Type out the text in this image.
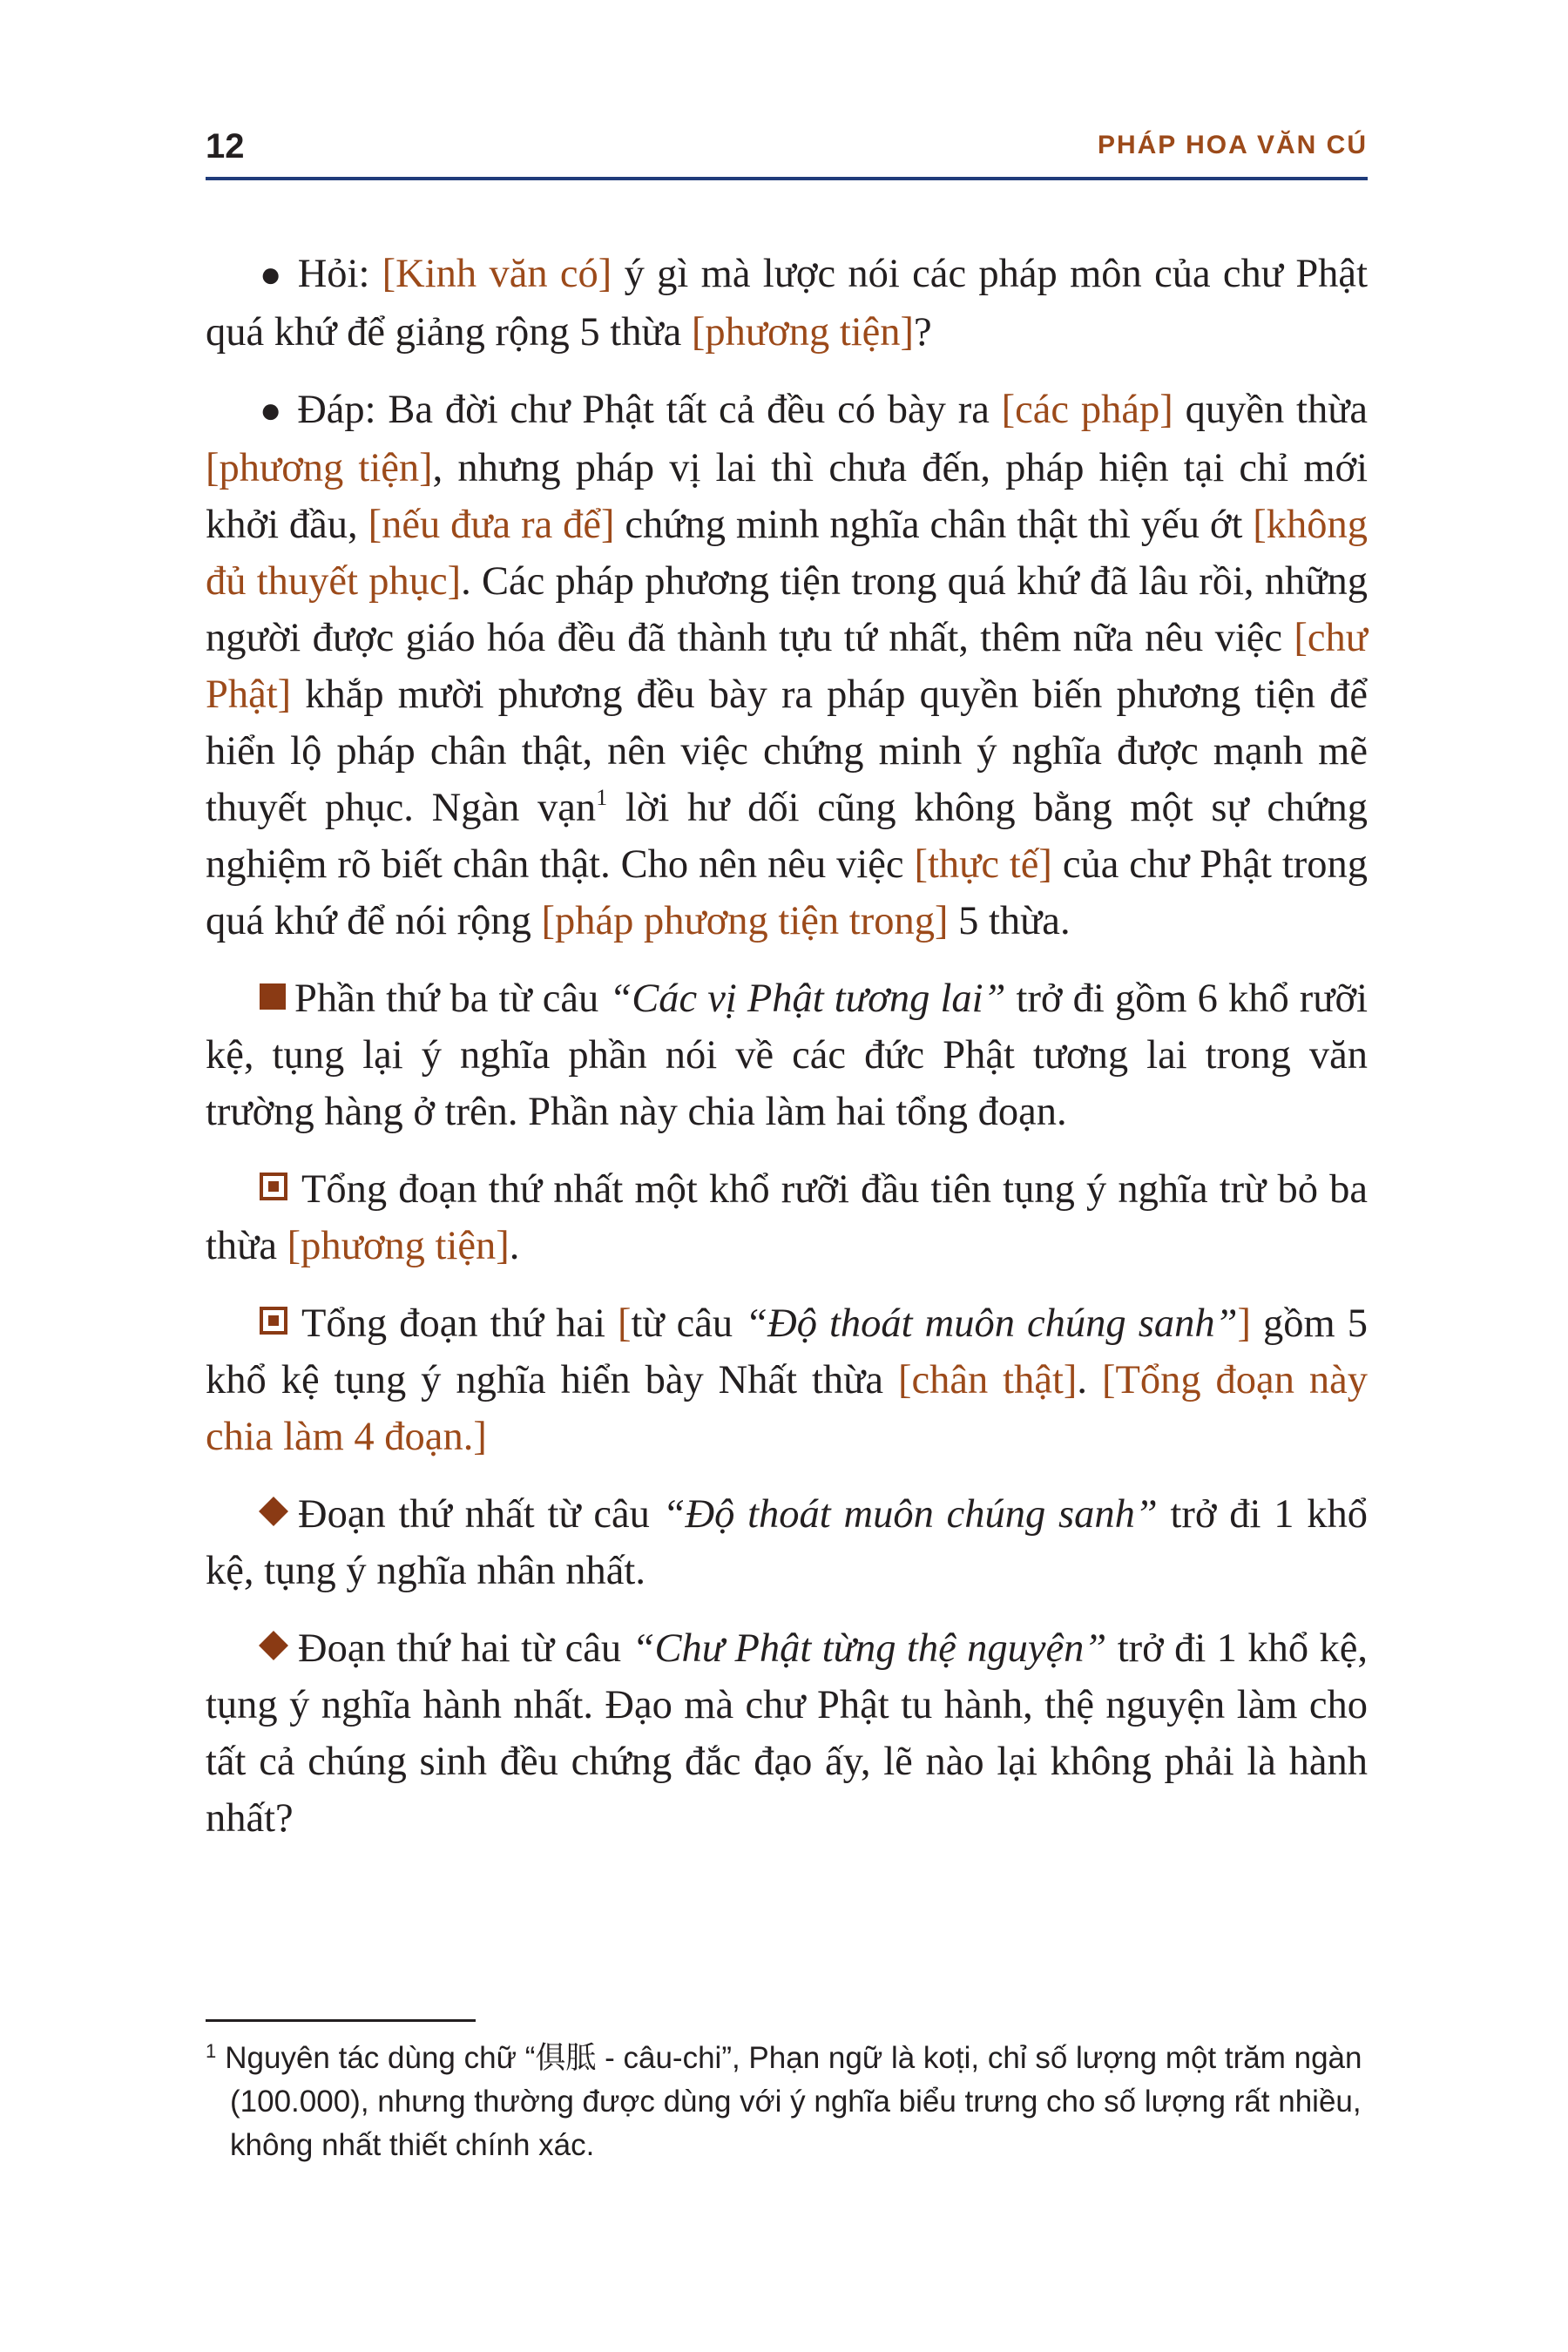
12	PHÁP HOA VĂN CÚ

● Hỏi: [Kinh văn có] ý gì mà lược nói các pháp môn của chư Phật quá khứ để giảng rộng 5 thừa [phương tiện]?

● Đáp: Ba đời chư Phật tất cả đều có bày ra [các pháp] quyền thừa [phương tiện], nhưng pháp vị lai thì chưa đến, pháp hiện tại chỉ mới khởi đầu, [nếu đưa ra để] chứng minh nghĩa chân thật thì yếu ớt [không đủ thuyết phục]. Các pháp phương tiện trong quá khứ đã lâu rồi, những người được giáo hóa đều đã thành tựu tứ nhất, thêm nữa nêu việc [chư Phật] khắp mười phương đều bày ra pháp quyền biến phương tiện để hiển lộ pháp chân thật, nên việc chứng minh ý nghĩa được mạnh mẽ thuyết phục. Ngàn vạn$^1$ lời hư dối cũng không bằng một sự chứng nghiệm rõ biết chân thật. Cho nên nêu việc [thực tế] của chư Phật trong quá khứ để nói rộng [pháp phương tiện trong] 5 thừa.

Phần thứ ba từ câu “Các vị Phật tương lai” trở đi gồm 6 khổ rưỡi kệ, tụng lại ý nghĩa phần nói về các đức Phật tương lai trong văn trường hàng ở trên. Phần này chia làm hai tổng đoạn.

Tổng đoạn thứ nhất một khổ rưỡi đầu tiên tụng ý nghĩa trừ bỏ ba thừa [phương tiện].

Tổng đoạn thứ hai [từ câu “Độ thoát muôn chúng sanh”] gồm 5 khổ kệ tụng ý nghĩa hiển bày Nhất thừa [chân thật]. [Tổng đoạn này chia làm 4 đoạn.]

Đoạn thứ nhất từ câu “Độ thoát muôn chúng sanh” trở đi 1 khổ kệ, tụng ý nghĩa nhân nhất.

Đoạn thứ hai từ câu “Chư Phật từng thệ nguyện” trở đi 1 khổ kệ, tụng ý nghĩa hành nhất. Đạo mà chư Phật tu hành, thệ nguyện làm cho tất cả chúng sinh đều chứng đắc đạo ấy, lẽ nào lại không phải là hành nhất?

$^1$ Nguyên tác dùng chữ “俱胝 - câu-chi”, Phạn ngữ là koṭi, chỉ số lượng một trăm ngàn (100.000), nhưng thường được dùng với ý nghĩa biểu trưng cho số lượng rất nhiều, không nhất thiết chính xác.
